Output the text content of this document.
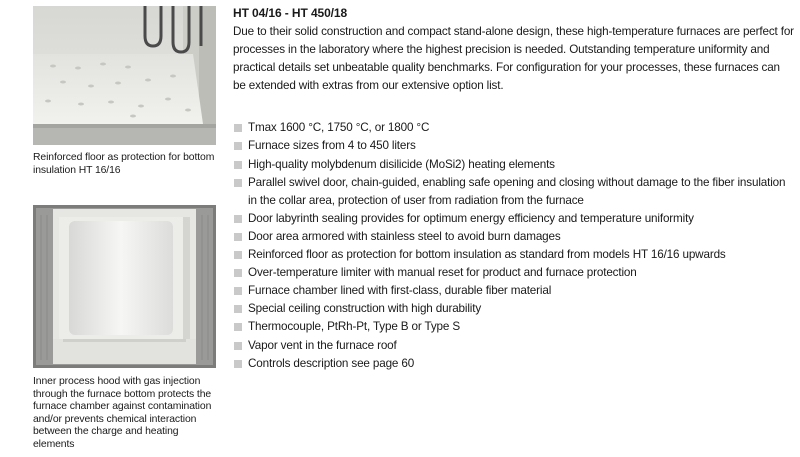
Reinforced floor as protection for bottom insulation HT 16/16
Inner process hood with gas injection through the furnace bottom protects the furnace chamber against contamination and/or prevents chemical interaction between the charge and heating elements
HT 04/16 - HT 450/18
Due to their solid construction and compact stand-alone design, these high-temperature furnaces are perfect for processes in the laboratory where the highest precision is needed. Outstanding temperature uniformity and practical details set unbeatable quality benchmarks. For configuration for your processes, these furnaces can be extended with extras from our extensive option list.
Tmax 1600 °C, 1750 °C, or 1800 °C
Furnace sizes from 4 to 450 liters
High-quality molybdenum disilicide (MoSi2) heating elements
Parallel swivel door, chain-guided, enabling safe opening and closing without damage to the fiber insulation in the collar area, protection of user from radiation from the furnace
Door labyrinth sealing provides for optimum energy efficiency and temperature uniformity
Door area armored with stainless steel to avoid burn damages
Reinforced floor as protection for bottom insulation as standard from models HT 16/16 upwards
Over-temperature limiter with manual reset for product and furnace protection
Furnace chamber lined with first-class, durable fiber material
Special ceiling construction with high durability
Thermocouple, PtRh-Pt, Type B or Type S
Vapor vent in the furnace roof
Controls description see page 60
